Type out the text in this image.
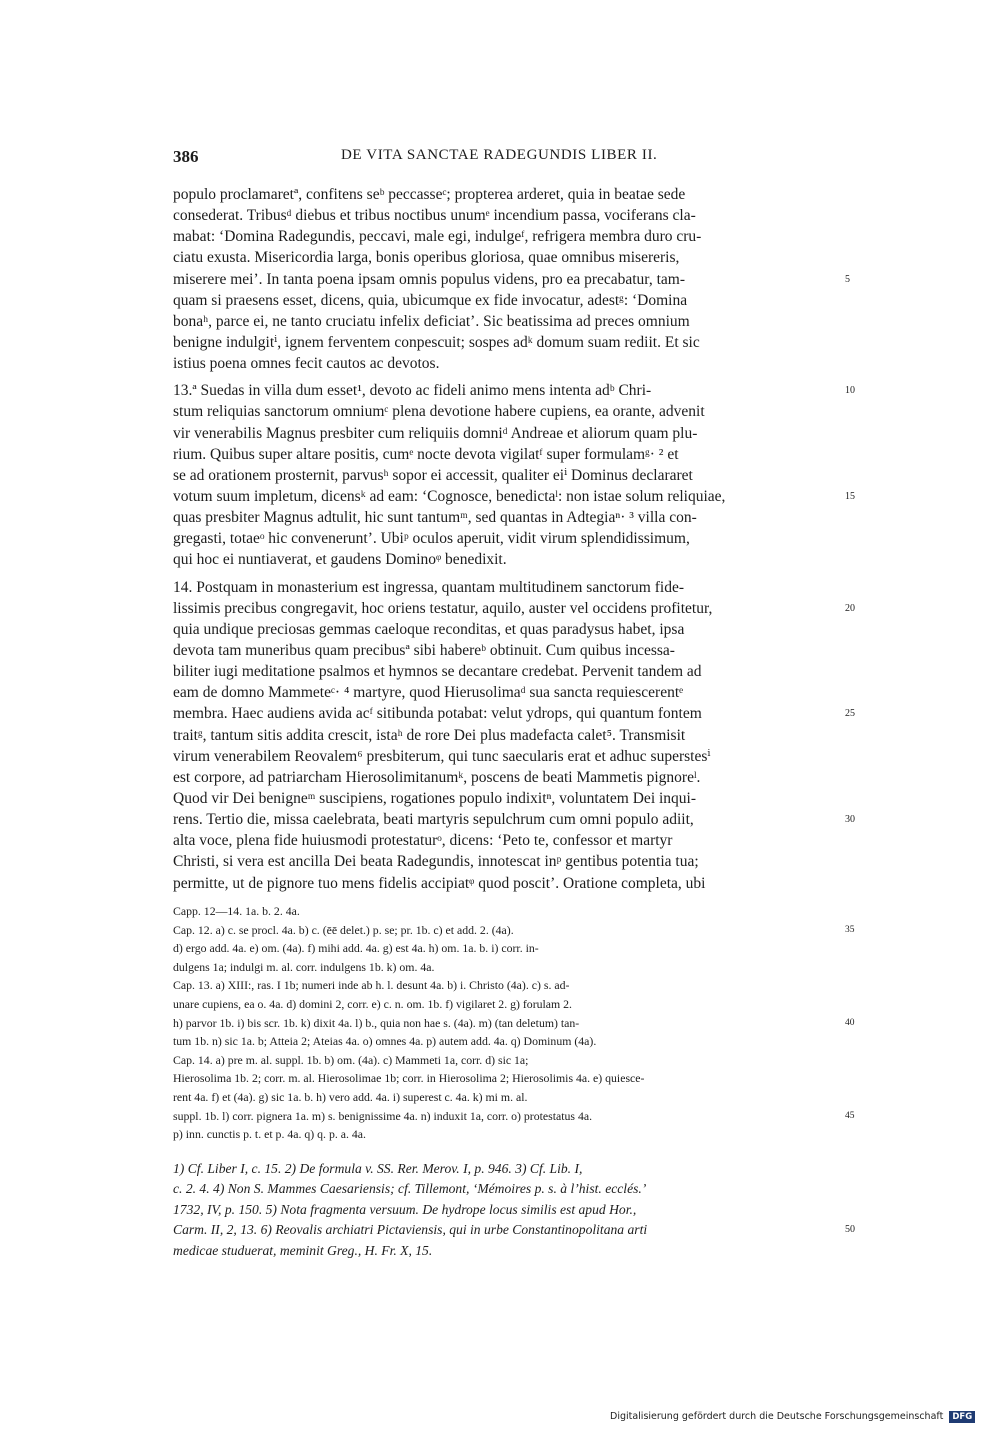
386	DE VITA SANCTAE RADEGUNDIS LIBER II.
populo proclamaretª, confitens seᵇ peccasseᶜ; propterea arderet, quia in beatae sede
consederat. Tribusᵈ diebus et tribus noctibus unumᵉ incendium passa, vociferans cla-
mabat: ‘Domina Radegundis, peccavi, male egi, indulgeᶠ, refrigera membra duro cru-
ciatu exusta. Misericordia larga, bonis operibus gloriosa, quae omnibus misereris,
miserere mei’. In tanta poena ipsam omnis populus videns, pro ea precabatur, tam-	5
quam si praesens esset, dicens, quia, ubicumque ex fide invocatur, adestᵍ: ‘Domina
bonaʰ, parce ei, ne tanto cruciatu infelix deficiat’. Sic beatissima ad preces omnium
benigne indulgitⁱ, ignem ferventem conpescuit; sospes adᵏ domum suam rediit. Et sic
istius poena omnes fecit cautos ac devotos.
13.ª Suedas in villa dum esset¹, devoto ac fideli animo mens intenta adᵇ Chri-	10
stum reliquias sanctorum omniumᶜ plena devotione habere cupiens, ea orante, advenit
vir venerabilis Magnus presbiter cum reliquiis domniᵈ Andreae et aliorum quam plu-
rium. Quibus super altare positis, cumᵉ nocte devota vigilatᶠ super formulamᵍ· ² et
se ad orationem prosternit, parvusʰ sopor ei accessit, qualiter eiⁱ Dominus declararet
votum suum impletum, dicensᵏ ad eam: ‘Cognosce, benedictaˡ: non istae solum reliquiae,	15
quas presbiter Magnus adtulit, hic sunt tantumᵐ, sed quantas in Adtegiaⁿ· ³ villa con-
gregasti, totaeᵒ hic convenerunt’. Ubiᵖ oculos aperuit, vidit virum splendidissimum,
qui hoc ei nuntiaverat, et gaudens Dominoᵠ benedixit.
14. Postquam in monasterium est ingressa, quantam multitudinem sanctorum fide-
lissimis precibus congregavit, hoc oriens testatur, aquilo, auster vel occidens profitetur,	20
quia undique preciosas gemmas caeloque reconditas, et quas paradysus habet, ipsa
devota tam muneribus quam precibusª sibi habereᵇ obtinuit. Cum quibus incessa-
biliter iugi meditatione psalmos et hymnos se decantare credebat. Pervenit tandem ad
eam de domno Mammeteᶜ· ⁴ martyre, quod Hierusolimaᵈ sua sancta requiescerentᵉ
membra. Haec audiens avida acᶠ sitibunda potabat: velut ydrops, qui quantum fontem	25
traitᵍ, tantum sitis addita crescit, istaʰ de rore Dei plus madefacta calet⁵. Transmisit
virum venerabilem Reovalem⁶ presbiterum, qui tunc saecularis erat et adhuc superstesⁱ
est corpore, ad patriarcham Hierosolimitanumᵏ, poscens de beati Mammetis pignoreˡ.
Quod vir Dei benigneᵐ suscipiens, rogationes populo indixitⁿ, voluntatem Dei inqui-
rens. Tertio die, missa caelebrata, beati martyris sepulchrum cum omni populo adiit,	30
alta voce, plena fide huiusmodi protestaturᵒ, dicens: ‘Peto te, confessor et martyr
Christi, si vera est ancilla Dei beata Radegundis, innotescat inᵖ gentibus potentia tua;
permitte, ut de pignore tuo mens fidelis accipiatᵠ quod poscit’. Oratione completa, ubi
Capp. 12—14. 1a. b. 2. 4a.
Cap. 12. a) c. se procl. 4a. b) c. (ēē delet.) p. se; pr. 1b. c) et add. 2. (4a).	35
d) ergo add. 4a. e) om. (4a). f) mihi add. 4a. g) est 4a. h) om. 1a. b. i) corr. in-
dulgens 1a; indulgi m. al. corr. indulgens 1b. k) om. 4a.
Cap. 13. a) XIII:, ras. I 1b; numeri inde ab h. l. desunt 4a. b) i. Christo (4a). c) s. ad-
unare cupiens, ea o. 4a. d) domini 2, corr. e) c. n. om. 1b. f) vigilaret 2. g) forulam 2.
h) parvor 1b. i) bis scr. 1b. k) dixit 4a. l) b., quia non hae s. (4a). m) (tan deletum) tan-	40
tum 1b. n) sic 1a. b; Atteia 2; Ateias 4a. o) omnes 4a. p) autem add. 4a. q) Dominum (4a).
Cap. 14. a) pre m. al. suppl. 1b. b) om. (4a). c) Mammeti 1a, corr. d) sic 1a;
Hierosolima 1b. 2; corr. m. al. Hierosolimae 1b; corr. in Hierosolima 2; Hierosolimis 4a. e) quiesce-
rent 4a. f) et (4a). g) sic 1a. b. h) vero add. 4a. i) superest c. 4a. k) mi m. al.
suppl. 1b. l) corr. pignera 1a. m) s. benignissime 4a. n) induxit 1a, corr. o) protestatus 4a.	45
p) inn. cunctis p. t. et p. 4a. q) q. p. a. 4a.
1) Cf. Liber I, c. 15. 2) De formula v. SS. Rer. Merov. I, p. 946. 3) Cf. Lib. I,
c. 2. 4. 4) Non S. Mammes Caesariensis; cf. Tillemont, ‘Mémoires p. s. à l’hist. ecclés.’
1732, IV, p. 150. 5) Nota fragmenta versuum. De hydrope locus similis est apud Hor.,
Carm. II, 2, 13. 6) Reovalis archiatri Pictaviensis, qui in urbe Constantinopolitana arti	50
medicae studuerat, meminit Greg., H. Fr. X, 15.
Digitalisierung gefördert durch die Deutsche Forschungsgemeinschaft DFG
